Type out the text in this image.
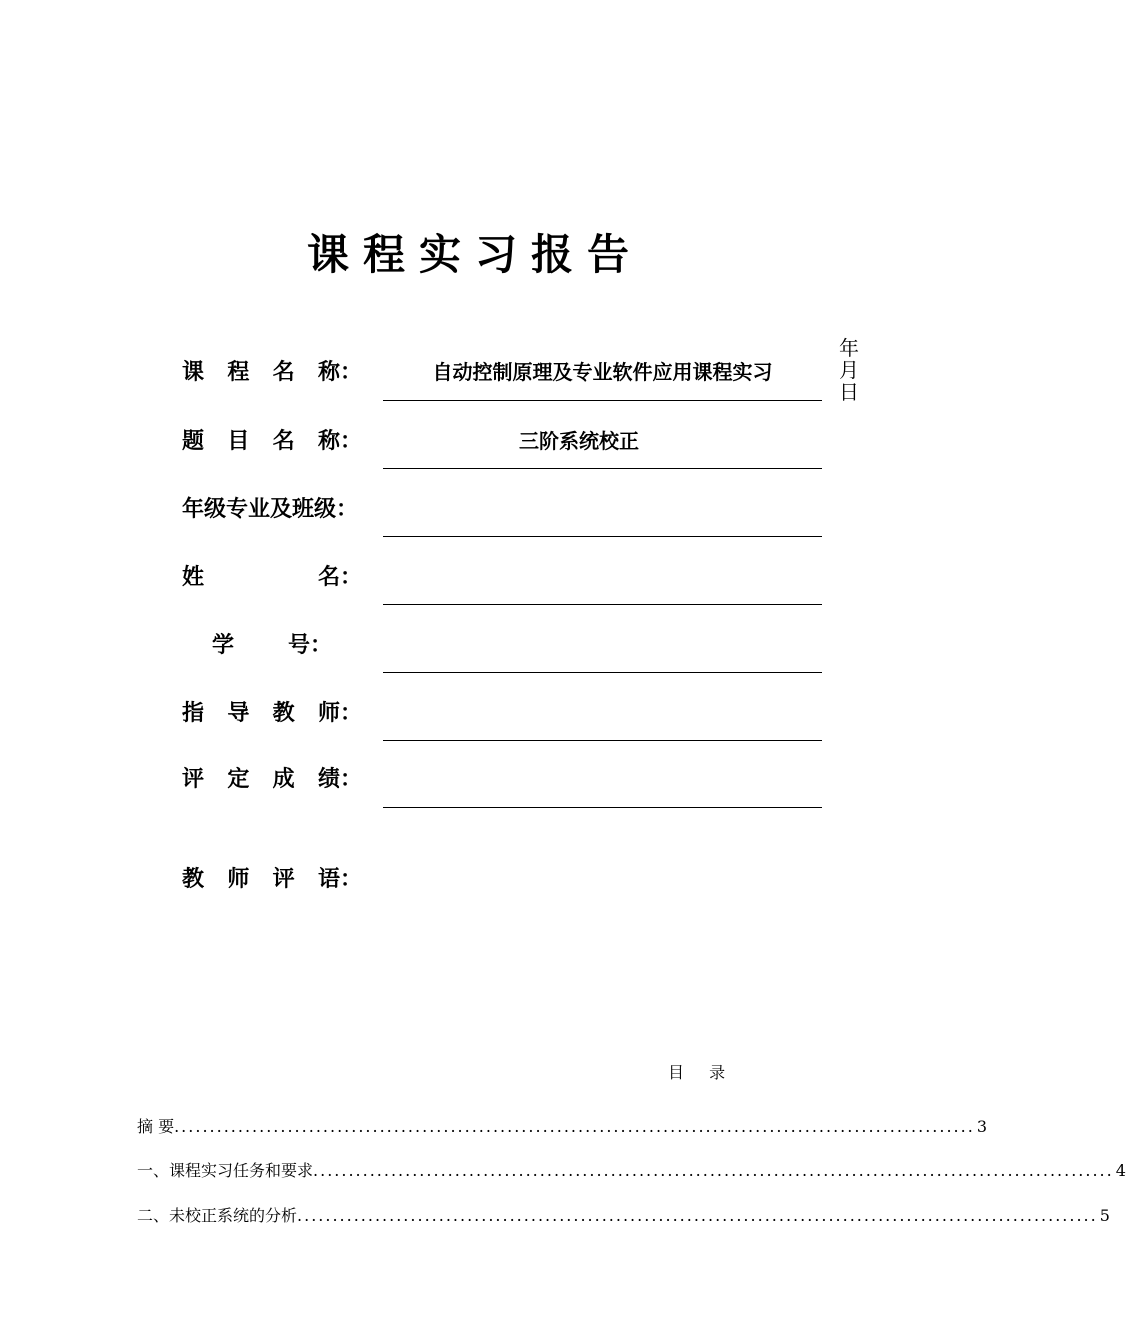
课程实习报告
课 程 名 称：	自动控制原理及专业软件应用课程实习
题 目 名 称：	三阶系统校正
年级专业及班级：
姓	名：
学 号：
指 导 教 师：
评 定 成 绩：
教 师 评 语：
年
月
日
目 录
摘 要 ................................................................................................................. 3
一、课程实习任务和要求 ................................................................................................................. 4
二、未校正系统的分析 ................................................................................................................. 5
